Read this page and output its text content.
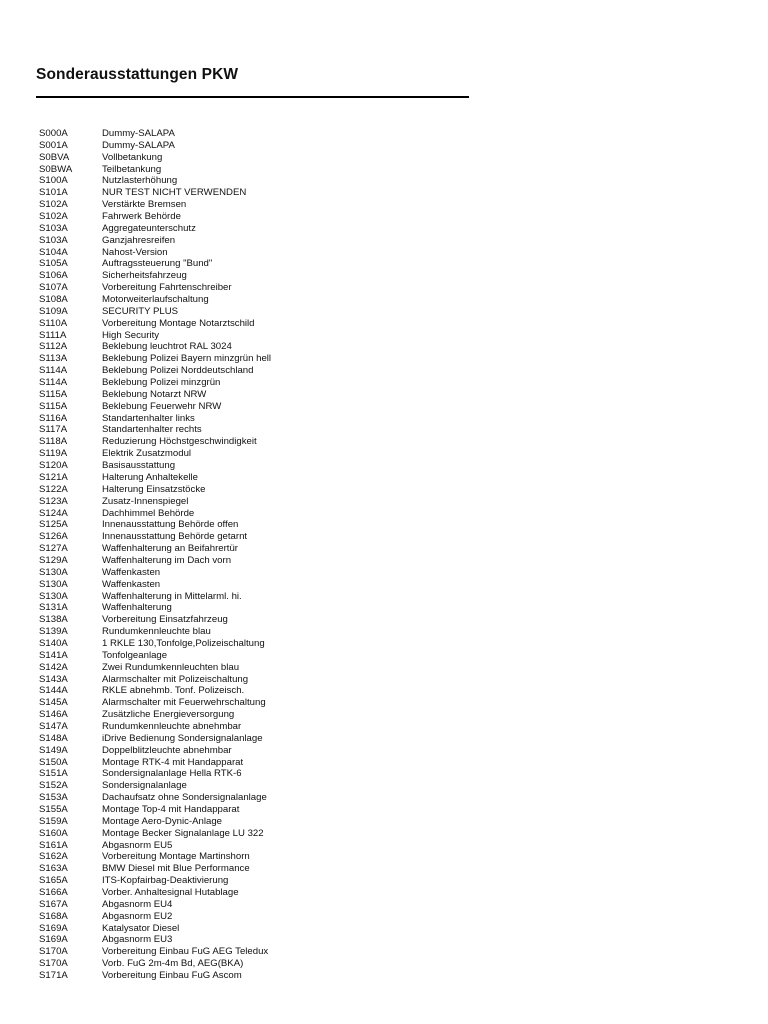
Sonderausstattungen PKW
S000A	Dummy-SALAPA
S001A	Dummy-SALAPA
S0BVA	Vollbetankung
S0BWA	Teilbetankung
S100A	Nutzlasterhöhung
S101A	NUR TEST NICHT VERWENDEN
S102A	Verstärkte Bremsen
S102A	Fahrwerk Behörde
S103A	Aggregateunterschutz
S103A	Ganzjahresreifen
S104A	Nahost-Version
S105A	Auftragssteuerung "Bund"
S106A	Sicherheitsfahrzeug
S107A	Vorbereitung Fahrtenschreiber
S108A	Motorweiterlaufschaltung
S109A	SECURITY PLUS
S110A	Vorbereitung Montage Notarztschild
S111A	High Security
S112A	Beklebung leuchtrot RAL 3024
S113A	Beklebung Polizei Bayern minzgrün hell
S114A	Beklebung Polizei Norddeutschland
S114A	Beklebung Polizei minzgrün
S115A	Beklebung Notarzt NRW
S115A	Beklebung Feuerwehr NRW
S116A	Standartenhalter links
S117A	Standartenhalter rechts
S118A	Reduzierung Höchstgeschwindigkeit
S119A	Elektrik Zusatzmodul
S120A	Basisausstattung
S121A	Halterung Anhaltekelle
S122A	Halterung Einsatzstöcke
S123A	Zusatz-Innenspiegel
S124A	Dachhimmel Behörde
S125A	Innenausstattung Behörde offen
S126A	Innenausstattung Behörde getarnt
S127A	Waffenhalterung an Beifahrertür
S129A	Waffenhalterung im Dach vorn
S130A	Waffenkasten
S130A	Waffenkasten
S130A	Waffenhalterung in Mittelarml. hi.
S131A	Waffenhalterung
S138A	Vorbereitung Einsatzfahrzeug
S139A	Rundumkennleuchte blau
S140A	1 RKLE 130,Tonfolge,Polizeischaltung
S141A	Tonfolgeanlage
S142A	Zwei Rundumkennleuchten blau
S143A	Alarmschalter mit Polizeischaltung
S144A	RKLE abnehmb. Tonf. Polizeisch.
S145A	Alarmschalter mit Feuerwehrschaltung
S146A	Zusätzliche Energieversorgung
S147A	Rundumkennleuchte abnehmbar
S148A	iDrive Bedienung Sondersignalanlage
S149A	Doppelblitzleuchte abnehmbar
S150A	Montage RTK-4 mit Handapparat
S151A	Sondersignalanlage Hella RTK-6
S152A	Sondersignalanlage
S153A	Dachaufsatz ohne Sondersignalanlage
S155A	Montage Top-4 mit Handapparat
S159A	Montage Aero-Dynic-Anlage
S160A	Montage Becker Signalanlage LU 322
S161A	Abgasnorm EU5
S162A	Vorbereitung Montage Martinshorn
S163A	BMW Diesel mit Blue Performance
S165A	ITS-Kopfairbag-Deaktivierung
S166A	Vorber. Anhaltesignal Hutablage
S167A	Abgasnorm EU4
S168A	Abgasnorm EU2
S169A	Katalysator Diesel
S169A	Abgasnorm EU3
S170A	Vorbereitung Einbau FuG AEG Teledux
S170A	Vorb. FuG 2m-4m Bd, AEG(BKA)
S171A	Vorbereitung Einbau FuG Ascom
